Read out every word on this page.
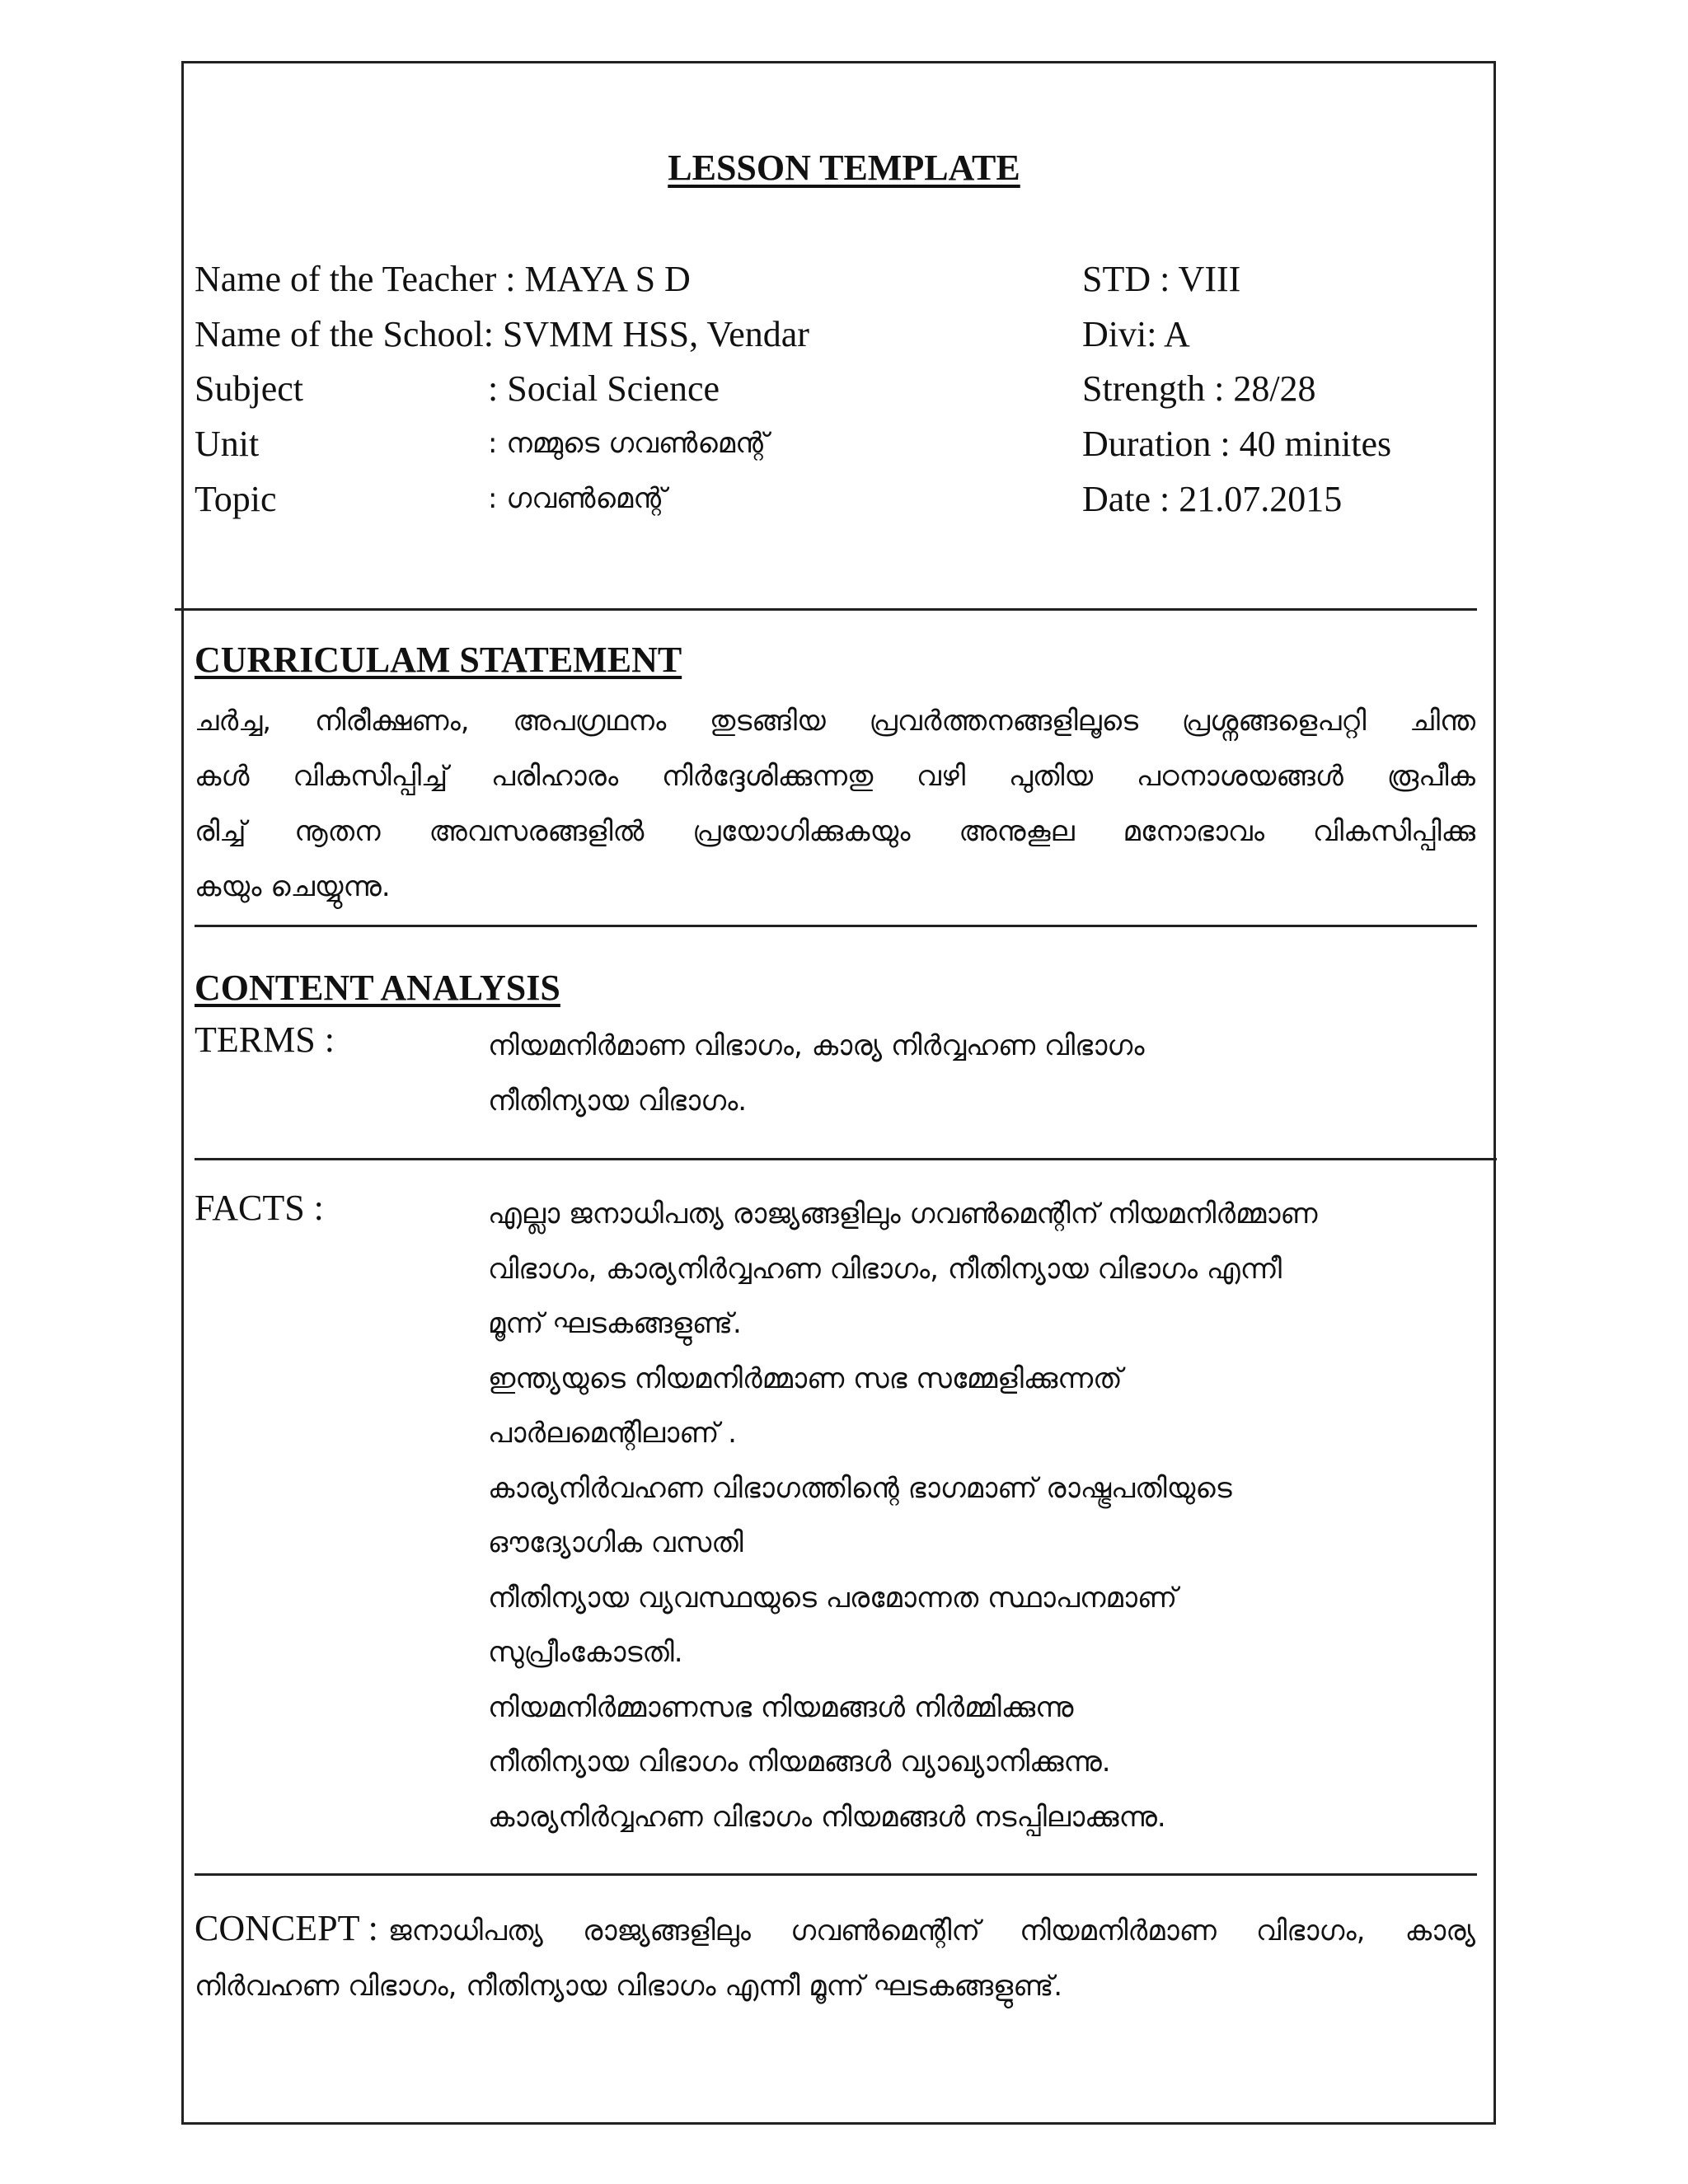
LESSON TEMPLATE
Name of the Teacher : MAYA S D
Name of the School: SVMM HSS, Vendar
Subject	: Social Science
Unit	: നമ്മുടെ ഗവൺമെന്റ്
Topic	: ഗവൺമെന്റ്
STD : VIII
Divi: A
Strength : 28/28
Duration : 40 minites
Date : 21.07.2015
CURRICULAM STATEMENT
ചർച്ച, നിരീക്ഷണം, അപഗ്രഥനം തുടങ്ങിയ പ്രവർത്തനങ്ങളിലൂടെ പ്രശ്നങ്ങളെപറ്റി ചിന്ത
കൾ വികസിപ്പിച്ച് പരിഹാരം നിർദ്ദേശിക്കുന്നതു വഴി പുതിയ പഠനാശയങ്ങൾ രൂപീക
രിച്ച് നൂതന അവസരങ്ങളിൽ പ്രയോഗിക്കുകയും അനുകൂല മനോഭാവം വികസിപ്പിക്കു
കയും ചെയ്യുന്നു.
CONTENT ANALYSIS
TERMS :	നിയമനിർമാണ വിഭാഗം, കാര്യ നിർവ്വഹണ വിഭാഗം
നീതിന്യായ വിഭാഗം.
FACTS :	എല്ലാ ജനാധിപത്യ രാജ്യങ്ങളിലും ഗവൺമെന്റിന് നിയമനിർമ്മാണ
വിഭാഗം, കാര്യനിർവ്വഹണ വിഭാഗം, നീതിന്യായ വിഭാഗം എന്നീ
മൂന്ന് ഘടകങ്ങളുണ്ട്.
ഇന്ത്യയുടെ നിയമനിർമ്മാണ സഭ സമ്മേളിക്കുന്നത്
പാർലമെന്റിലാണ് .
കാര്യനിർവഹണ വിഭാഗത്തിന്റെ ഭാഗമാണ് രാഷ്ട്രപതിയുടെ
ഔദ്യോഗിക വസതി
നീതിന്യായ വ്യവസ്ഥയുടെ പരമോന്നത സ്ഥാപനമാണ്
സുപ്രീംകോടതി.
നിയമനിർമ്മാണസഭ നിയമങ്ങൾ നിർമ്മിക്കുന്നു
നീതിന്യായ വിഭാഗം നിയമങ്ങൾ വ്യാഖ്യാനിക്കുന്നു.
കാര്യനിർവ്വഹണ വിഭാഗം നിയമങ്ങൾ നടപ്പിലാക്കുന്നു.
CONCEPT : ജനാധിപത്യ രാജ്യങ്ങളിലും ഗവൺമെന്റിന് നിയമനിർമാണ വിഭാഗം, കാര്യ
നിർവഹണ വിഭാഗം, നീതിന്യായ വിഭാഗം എന്നീ മൂന്ന് ഘടകങ്ങളുണ്ട്.
